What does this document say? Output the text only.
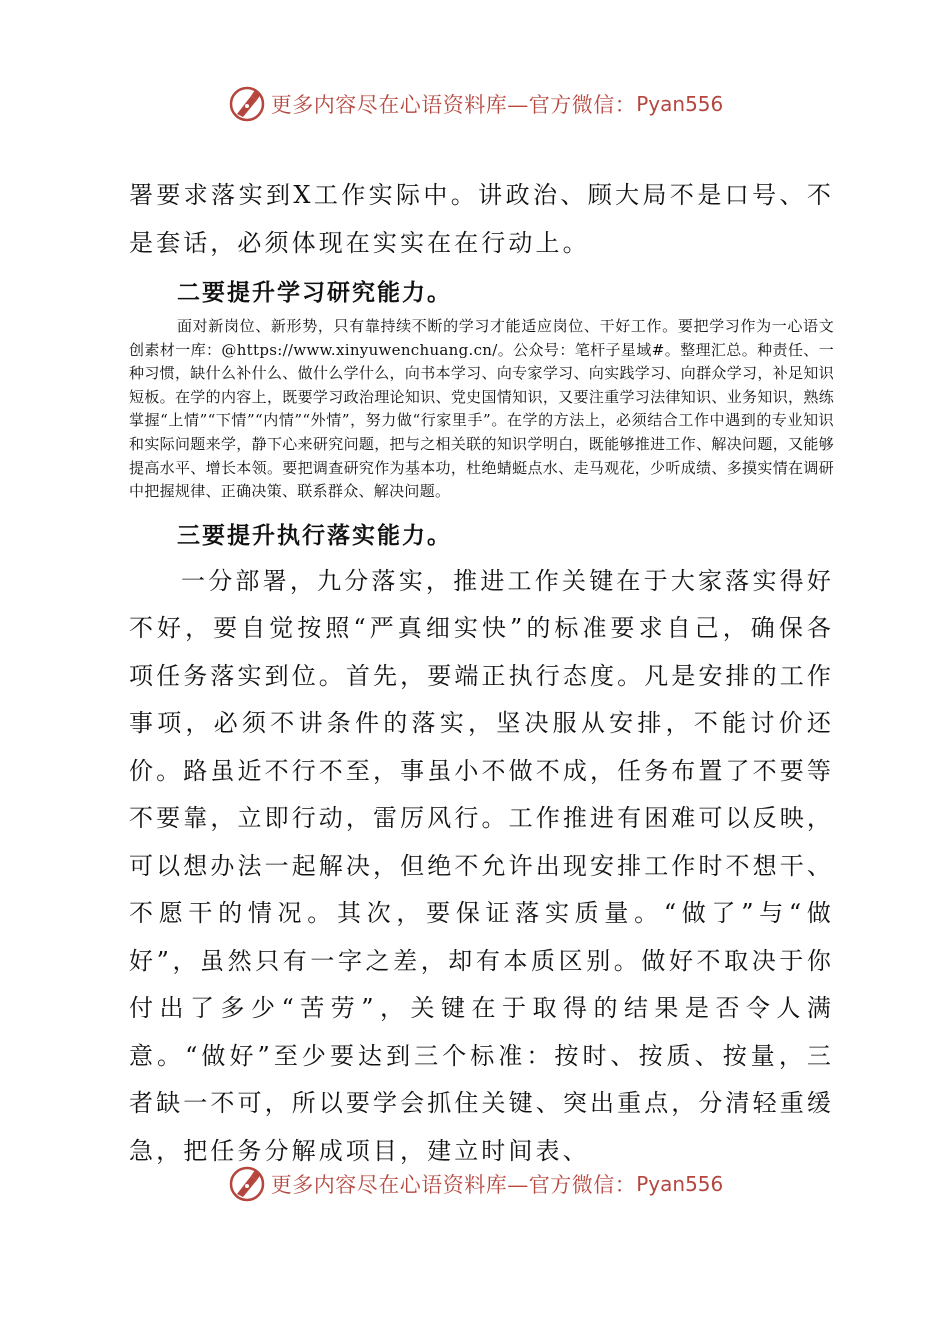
更多内容尽在心语资料库—官方微信： Pyan556

署要求落实到X工作实际中。讲政治、顾大局不是口号、不是套话，必须体现在实实在在行动上。

二要提升学习研究能力。

面对新岗位、新形势，只有靠持续不断的学习才能适应岗位、干好工作。要把学习作为一心语文创素材一库：@https://www.xinyuwenchuang.cn/。公众号：笔杆子星域#。整理汇总。种责任、一种习惯，缺什么补什么、做什么学什么，向书本学习、向专家学习、向实践学习、向群众学习，补足知识短板。在学的内容上，既要学习政治理论知识、党史国情知识，又要注重学习法律知识、业务知识，熟练掌握“上情”“下情”“内情”“外情”，努力做“行家里手”。在学的方法上，必须结合工作中遇到的专业知识和实际问题来学，静下心来研究问题，把与之相关联的知识学明白，既能够推进工作、解决问题，又能够提高水平、增长本领。要把调查研究作为基本功，杜绝蜻蜓点水、走马观花，少听成绩、多摸实情在调研中把握规律、正确决策、联系群众、解决问题。

三要提升执行落实能力。

一分部署，九分落实，推进工作关键在于大家落实得好不好，要自觉按照“严真细实快”的标准要求自己，确保各项任务落实到位。首先，要端正执行态度。凡是安排的工作事项，必须不讲条件的落实，坚决服从安排，不能讨价还价。路虽近不行不至，事虽小不做不成，任务布置了不要等不要靠，立即行动，雷厉风行。工作推进有困难可以反映，可以想办法一起解决，但绝不允许出现安排工作时不想干、不愿干的情况。其次，要保证落实质量。“做了”与“做好”，虽然只有一字之差，却有本质区别。做好不取决于你付出了多少“苦劳”，关键在于取得的结果是否令人满意。“做好”至少要达到三个标准：按时、按质、按量，三者缺一不可，所以要学会抓住关键、突出重点，分清轻重缓急，把任务分解成项目，建立时间表、

更多内容尽在心语资料库—官方微信： Pyan556
